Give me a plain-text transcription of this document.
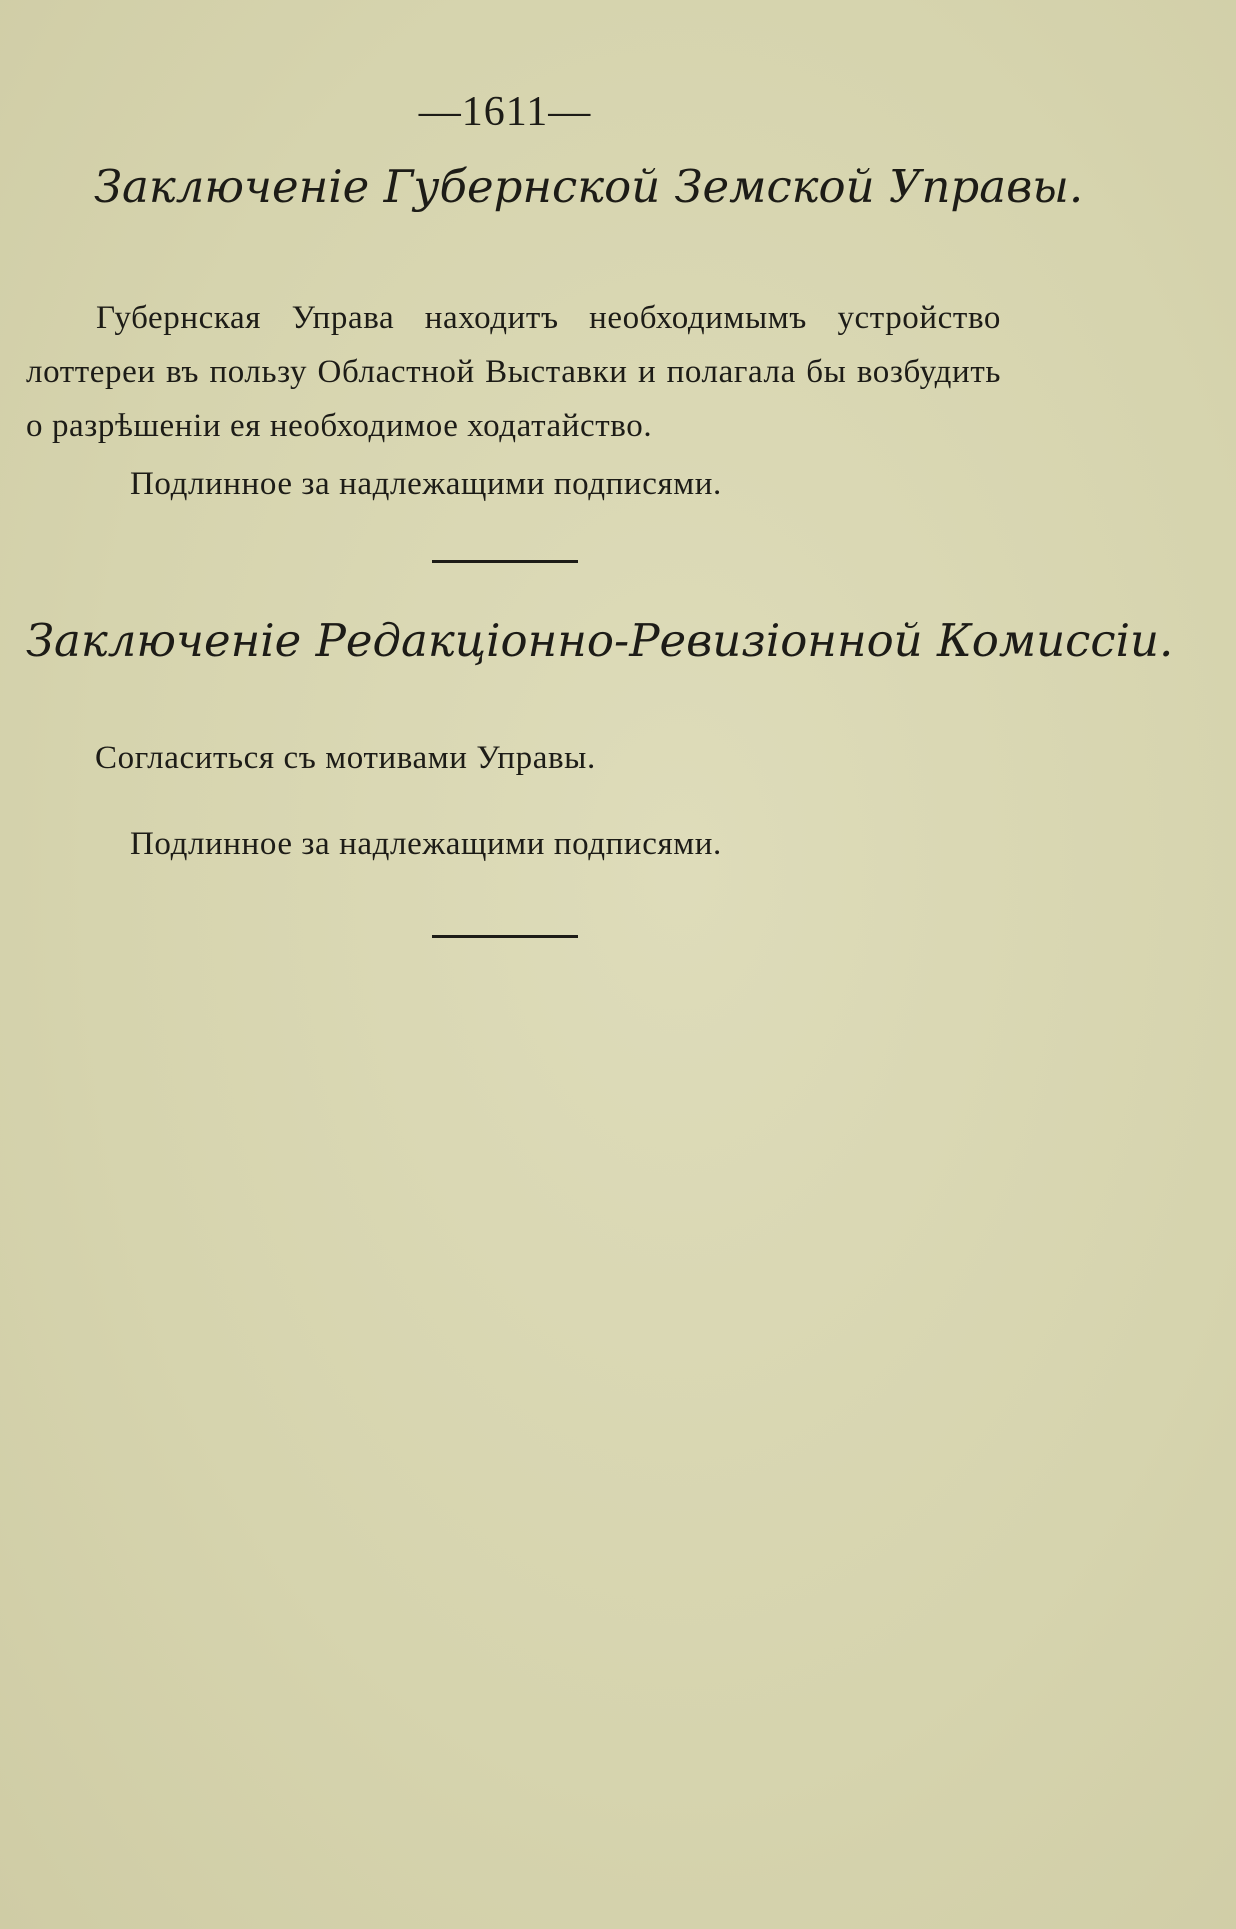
—1611—
Заключеніе Губернской Земской Управы.
Губернская Управа находитъ необходимымъ устройство лоттереи въ пользу Областной Выставки и полагала бы возбудить о разрѣшеніи ея необходимое ходатайство.
Подлинное за надлежащими подписями.
Заключеніе Редакціонно-Ревизіонной Комиссіи.
Согласиться съ мотивами Управы.
Подлинное за надлежащими подписями.
